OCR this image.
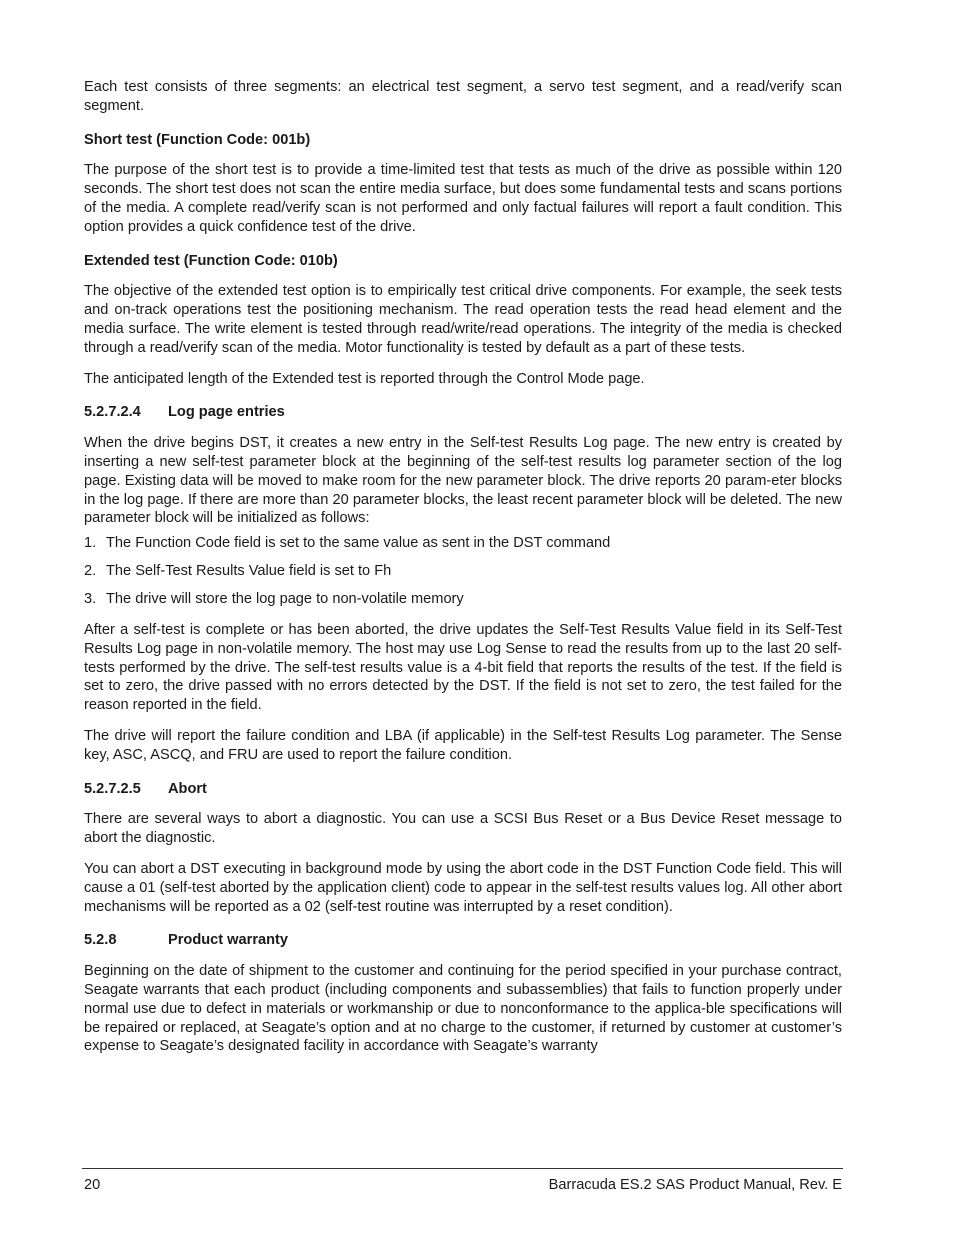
Each test consists of three segments: an electrical test segment, a servo test segment, and a read/verify scan segment.

Short test (Function Code: 001b)

The purpose of the short test is to provide a time-limited test that tests as much of the drive as possible within 120 seconds. The short test does not scan the entire media surface, but does some fundamental tests and scans portions of the media. A complete read/verify scan is not performed and only factual failures will report a fault condition. This option provides a quick confidence test of the drive.

Extended test (Function Code: 010b)

The objective of the extended test option is to empirically test critical drive components. For example, the seek tests and on-track operations test the positioning mechanism. The read operation tests the read head element and the media surface. The write element is tested through read/write/read operations. The integrity of the media is checked through a read/verify scan of the media. Motor functionality is tested by default as a part of these tests.

The anticipated length of the Extended test is reported through the Control Mode page.

5.2.7.2.4	Log page entries

When the drive begins DST, it creates a new entry in the Self-test Results Log page. The new entry is created by inserting a new self-test parameter block at the beginning of the self-test results log parameter section of the log page. Existing data will be moved to make room for the new parameter block. The drive reports 20 param-eter blocks in the log page. If there are more than 20 parameter blocks, the least recent parameter block will be deleted. The new parameter block will be initialized as follows:

1. The Function Code field is set to the same value as sent in the DST command
2. The Self-Test Results Value field is set to Fh
3. The drive will store the log page to non-volatile memory

After a self-test is complete or has been aborted, the drive updates the Self-Test Results Value field in its Self-Test Results Log page in non-volatile memory. The host may use Log Sense to read the results from up to the last 20 self-tests performed by the drive. The self-test results value is a 4-bit field that reports the results of the test. If the field is set to zero, the drive passed with no errors detected by the DST. If the field is not set to zero, the test failed for the reason reported in the field.

The drive will report the failure condition and LBA (if applicable) in the Self-test Results Log parameter. The Sense key, ASC, ASCQ, and FRU are used to report the failure condition.

5.2.7.2.5	Abort

There are several ways to abort a diagnostic. You can use a SCSI Bus Reset or a Bus Device Reset message to abort the diagnostic.

You can abort a DST executing in background mode by using the abort code in the DST Function Code field. This will cause a 01 (self-test aborted by the application client) code to appear in the self-test results values log. All other abort mechanisms will be reported as a 02 (self-test routine was interrupted by a reset condition).

5.2.8	Product warranty

Beginning on the date of shipment to the customer and continuing for the period specified in your purchase contract, Seagate warrants that each product (including components and subassemblies) that fails to function properly under normal use due to defect in materials or workmanship or due to nonconformance to the applica-ble specifications will be repaired or replaced, at Seagate’s option and at no charge to the customer, if returned by customer at customer’s expense to Seagate’s designated facility in accordance with Seagate’s warranty

20	Barracuda ES.2 SAS Product Manual, Rev. E
